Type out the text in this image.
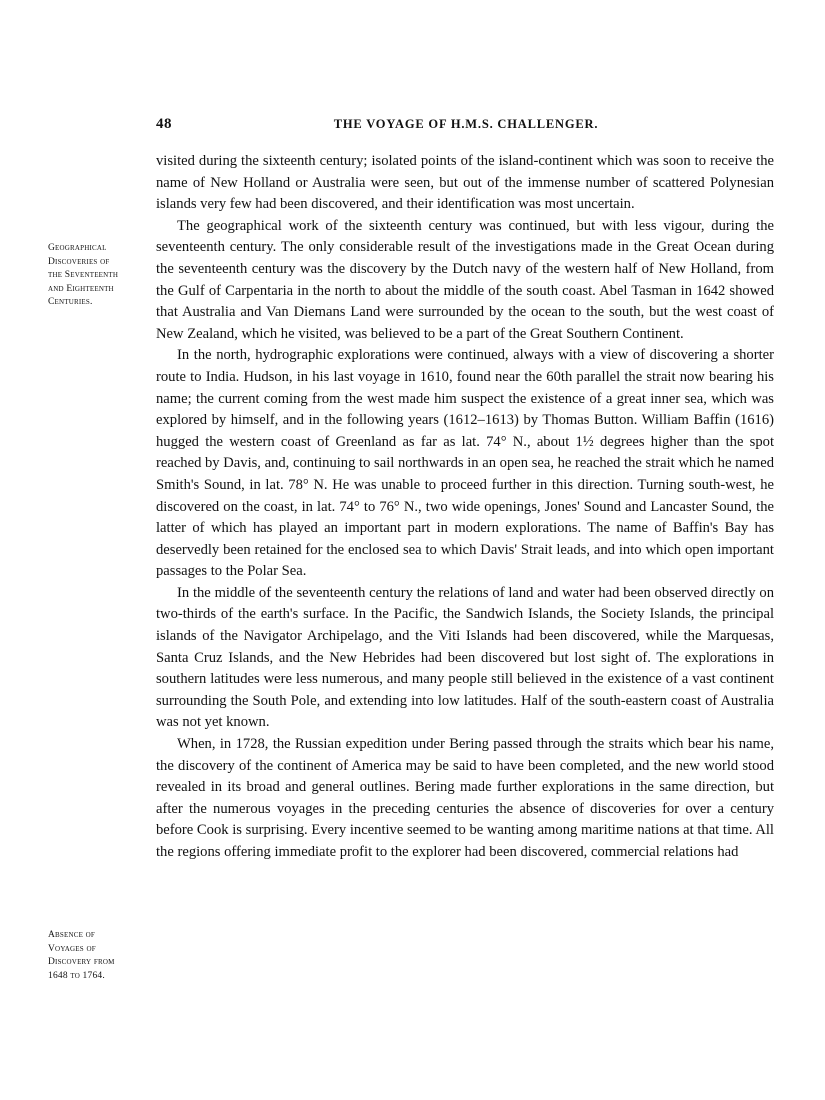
48	THE VOYAGE OF H.M.S. CHALLENGER.
Geographical
Discoveries of
the Seventeenth
and Eighteenth
Centuries.
Absence of
Voyages of
Discovery from
1648 to 1764.

visited during the sixteenth century; isolated points of the island-continent which was soon to receive the name of New Holland or Australia were seen, but out of the immense number of scattered Polynesian islands very few had been discovered, and their identification was most uncertain.

The geographical work of the sixteenth century was continued, but with less vigour, during the seventeenth century. The only considerable result of the investigations made in the Great Ocean during the seventeenth century was the discovery by the Dutch navy of the western half of New Holland, from the Gulf of Carpentaria in the north to about the middle of the south coast. Abel Tasman in 1642 showed that Australia and Van Diemans Land were surrounded by the ocean to the south, but the west coast of New Zealand, which he visited, was believed to be a part of the Great Southern Continent.

In the north, hydrographic explorations were continued, always with a view of discovering a shorter route to India. Hudson, in his last voyage in 1610, found near the 60th parallel the strait now bearing his name; the current coming from the west made him suspect the existence of a great inner sea, which was explored by himself, and in the following years (1612–1613) by Thomas Button. William Baffin (1616) hugged the western coast of Greenland as far as lat. 74° N., about 1½ degrees higher than the spot reached by Davis, and, continuing to sail northwards in an open sea, he reached the strait which he named Smith's Sound, in lat. 78° N. He was unable to proceed further in this direction. Turning south-west, he discovered on the coast, in lat. 74° to 76° N., two wide openings, Jones' Sound and Lancaster Sound, the latter of which has played an important part in modern explorations. The name of Baffin's Bay has deservedly been retained for the enclosed sea to which Davis' Strait leads, and into which open important passages to the Polar Sea.

In the middle of the seventeenth century the relations of land and water had been observed directly on two-thirds of the earth's surface. In the Pacific, the Sandwich Islands, the Society Islands, the principal islands of the Navigator Archipelago, and the Viti Islands had been discovered, while the Marquesas, Santa Cruz Islands, and the New Hebrides had been discovered but lost sight of. The explorations in southern latitudes were less numerous, and many people still believed in the existence of a vast continent surrounding the South Pole, and extending into low latitudes. Half of the south-eastern coast of Australia was not yet known.

When, in 1728, the Russian expedition under Bering passed through the straits which bear his name, the discovery of the continent of America may be said to have been completed, and the new world stood revealed in its broad and general outlines. Bering made further explorations in the same direction, but after the numerous voyages in the preceding centuries the absence of discoveries for over a century before Cook is surprising. Every incentive seemed to be wanting among maritime nations at that time. All the regions offering immediate profit to the explorer had been discovered, commercial relations had
